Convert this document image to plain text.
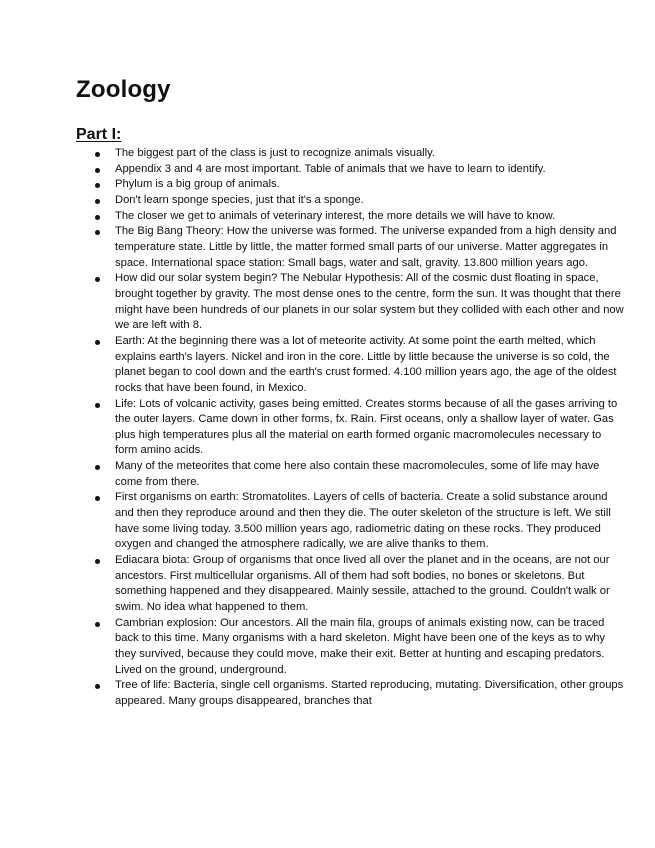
Zoology
Part I:
The biggest part of the class is just to recognize animals visually.
Appendix 3 and 4 are most important. Table of animals that we have to learn to identify.
Phylum is a big group of animals.
Don't learn sponge species, just that it's a sponge.
The closer we get to animals of veterinary interest, the more details we will have to know.
The Big Bang Theory: How the universe was formed. The universe expanded from a high density and temperature state. Little by little, the matter formed small parts of our universe. Matter aggregates in space. International space station: Small bags, water and salt, gravity. 13.800 million years ago.
How did our solar system begin? The Nebular Hypothesis: All of the cosmic dust floating in space, brought together by gravity. The most dense ones to the centre, form the sun. It was thought that there might have been hundreds of our planets in our solar system but they collided with each other and now we are left with 8.
Earth: At the beginning there was a lot of meteorite activity. At some point the earth melted, which explains earth's layers. Nickel and iron in the core. Little by little because the universe is so cold, the planet began to cool down and the earth's crust formed. 4.100 million years ago, the age of the oldest rocks that have been found, in Mexico.
Life: Lots of volcanic activity, gases being emitted. Creates storms because of all the gases arriving to the outer layers. Came down in other forms, fx. Rain. First oceans, only a shallow layer of water. Gas plus high temperatures plus all the material on earth formed organic macromolecules necessary to form amino acids.
Many of the meteorites that come here also contain these macromolecules, some of life may have come from there.
First organisms on earth: Stromatolites. Layers of cells of bacteria. Create a solid substance around and then they reproduce around and then they die. The outer skeleton of the structure is left. We still have some living today. 3.500 million years ago, radiometric dating on these rocks. They produced oxygen and changed the atmosphere radically, we are alive thanks to them.
Ediacara biota: Group of organisms that once lived all over the planet and in the oceans, are not our ancestors. First multicellular organisms. All of them had soft bodies, no bones or skeletons. But something happened and they disappeared. Mainly sessile, attached to the ground. Couldn't walk or swim. No idea what happened to them.
Cambrian explosion: Our ancestors. All the main fila, groups of animals existing now, can be traced back to this time. Many organisms with a hard skeleton. Might have been one of the keys as to why they survived, because they could move, make their exit. Better at hunting and escaping predators. Lived on the ground, underground.
Tree of life: Bacteria, single cell organisms. Started reproducing, mutating. Diversification, other groups appeared. Many groups disappeared, branches that
